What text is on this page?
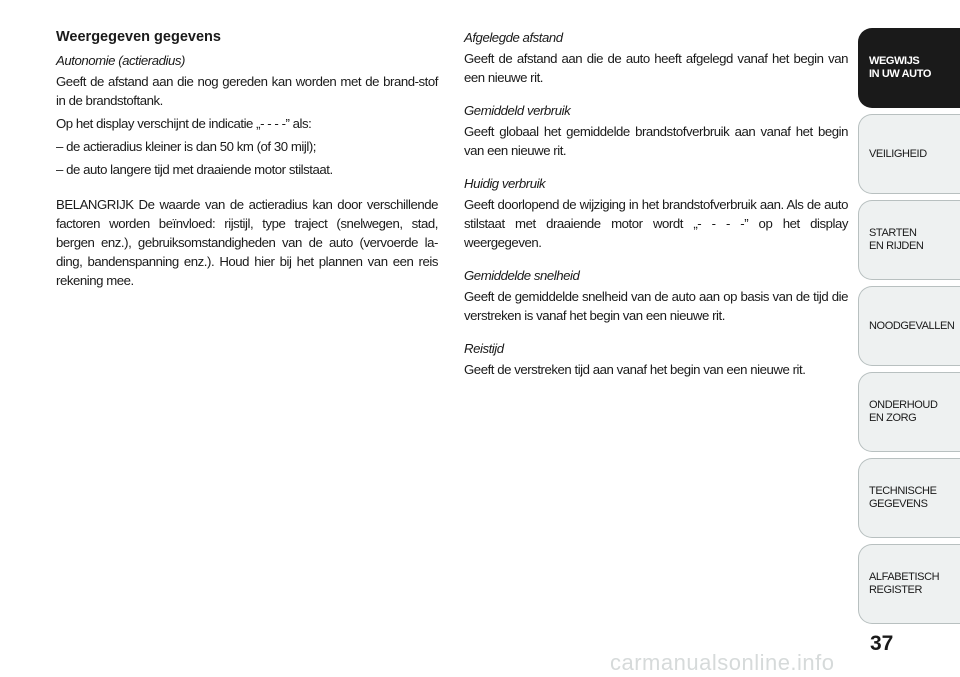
Weergegeven gegevens
Autonomie (actieradius)
Geeft de afstand aan die nog gereden kan worden met de brand-stof in de brandstoftank.
Op het display verschijnt de indicatie „- - - -” als:
– de actieradius kleiner is dan 50 km (of 30 mijl);
– de auto langere tijd met draaiende motor stilstaat.
BELANGRIJK De waarde van de actieradius kan door verschillende factoren worden beïnvloed: rijstijl, type traject (snelwegen, stad, bergen enz.), gebruiksomstandigheden van de auto (vervoerde la-ding, bandenspanning enz.). Houd hier bij het plannen van een reis rekening mee.
Afgelegde afstand
Geeft de afstand aan die de auto heeft afgelegd vanaf het begin van een nieuwe rit.
Gemiddeld verbruik
Geeft globaal het gemiddelde brandstofverbruik aan vanaf het begin van een nieuwe rit.
Huidig verbruik
Geeft doorlopend de wijziging in het brandstofverbruik aan. Als de auto stilstaat met draaiende motor wordt „- - - -” op het display weergegeven.
Gemiddelde snelheid
Geeft de gemiddelde snelheid van de auto aan op basis van de tijd die verstreken is vanaf het begin van een nieuwe rit.
Reistijd
Geeft de verstreken tijd aan vanaf het begin van een nieuwe rit.
WEGWIJS
IN UW AUTO
VEILIGHEID
STARTEN
EN RIJDEN
NOODGEVALLEN
ONDERHOUD
EN ZORG
TECHNISCHE
GEGEVENS
ALFABETISCH
REGISTER
37
carmanualsonline.info
